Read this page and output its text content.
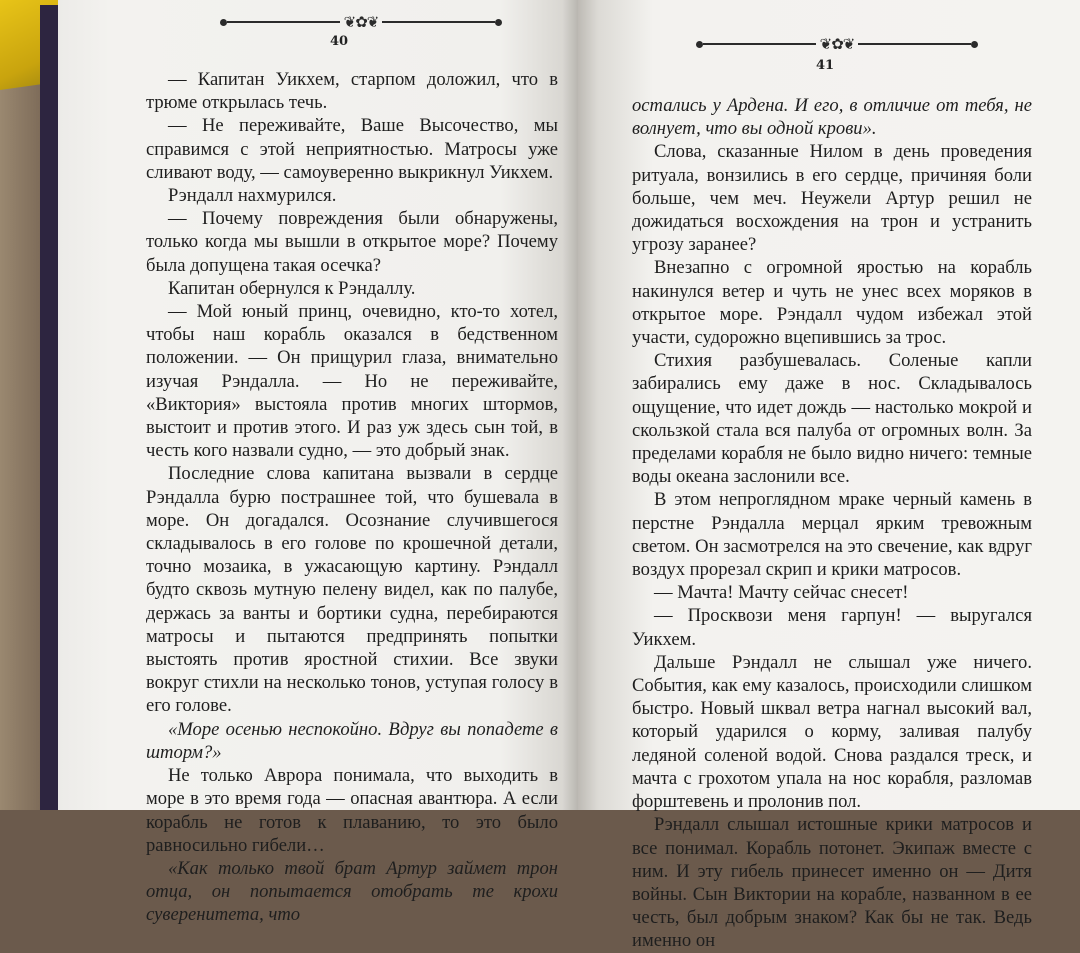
❦✿❦
40

— Капитан Уикхем, старпом доложил, что в трюме открылась течь.

— Не переживайте, Ваше Высочество, мы справимся с этой неприятностью. Матросы уже сливают воду, — самоуверенно выкрикнул Уикхем.

Рэндалл нахмурился.

— Почему повреждения были обнаружены, только когда мы вышли в открытое море? Почему была допущена такая осечка?

Капитан обернулся к Рэндаллу.

— Мой юный принц, очевидно, кто-то хотел, чтобы наш корабль оказался в бедственном положении. — Он прищурил глаза, внимательно изучая Рэндалла. — Но не переживайте, «Виктория» выстояла против многих штормов, выстоит и против этого. И раз уж здесь сын той, в честь кого назвали судно, — это добрый знак.

Последние слова капитана вызвали в сердце Рэндалла бурю пострашнее той, что бушевала в море. Он догадался. Осознание случившегося складывалось в его голове по крошечной детали, точно мозаика, в ужасающую картину. Рэндалл будто сквозь мутную пелену видел, как по палубе, держась за ванты и бортики судна, перебираются матросы и пытаются предпринять попытки выстоять против яростной стихии. Все звуки вокруг стихли на несколько тонов, уступая голосу в его голове.

«Море осенью неспокойно. Вдруг вы попадете в шторм?»

Не только Аврора понимала, что выходить в море в это время года — опасная авантюра. А если корабль не готов к плаванию, то это было равносильно гибели…

«Как только твой брат Артур займет трон отца, он попытается отобрать те крохи суверенитета, что

❦✿❦
41

остались у Ардена. И его, в отличие от тебя, не волнует, что вы одной крови».

Слова, сказанные Нилом в день проведения ритуала, вонзились в его сердце, причиняя боли больше, чем меч. Неужели Артур решил не дожидаться восхождения на трон и устранить угрозу заранее?

Внезапно с огромной яростью на корабль накинулся ветер и чуть не унес всех моряков в открытое море. Рэндалл чудом избежал этой участи, судорожно вцепившись за трос.

Стихия разбушевалась. Соленые капли забирались ему даже в нос. Складывалось ощущение, что идет дождь — настолько мокрой и скользкой стала вся палуба от огромных волн. За пределами корабля не было видно ничего: темные воды океана заслонили все.

В этом непроглядном мраке черный камень в перстне Рэндалла мерцал ярким тревожным светом. Он засмотрелся на это свечение, как вдруг воздух прорезал скрип и крики матросов.

— Мачта! Мачту сейчас снесет!

— Просквози меня гарпун! — выругался Уикхем.

Дальше Рэндалл не слышал уже ничего. События, как ему казалось, происходили слишком быстро. Новый шквал ветра нагнал высокий вал, который ударился о корму, заливая палубу ледяной соленой водой. Снова раздался треск, и мачта с грохотом упала на нос корабля, разломав форштевень и пролонив пол.

Рэндалл слышал истошные крики матросов и все понимал. Корабль потонет. Экипаж вместе с ним. И эту гибель принесет именно он — Дитя войны. Сын Виктории на корабле, названном в ее честь, был добрым знаком? Как бы не так. Ведь именно он
